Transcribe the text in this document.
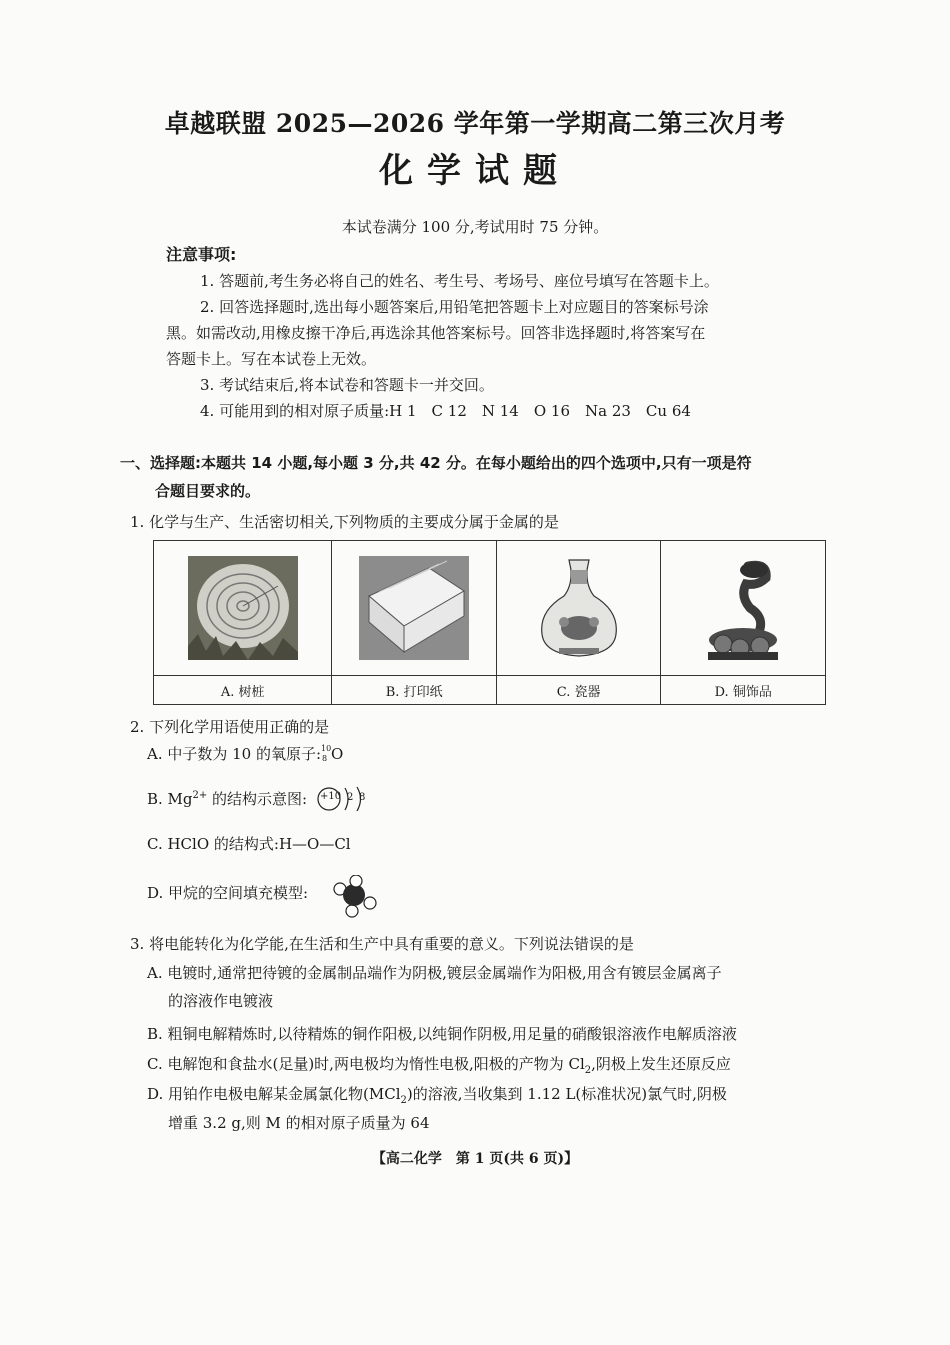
卓越联盟 2025—2026 学年第一学期高二第三次月考
化学试题
本试卷满分 100 分,考试用时 75 分钟。
注意事项:
1. 答题前,考生务必将自己的姓名、考生号、考场号、座位号填写在答题卡上。
2. 回答选择题时,选出每小题答案后,用铅笔把答题卡上对应题目的答案标号涂
黑。如需改动,用橡皮擦干净后,再选涂其他答案标号。回答非选择题时,将答案写在
答题卡上。写在本试卷上无效。
3. 考试结束后,将本试卷和答题卡一并交回。
4. 可能用到的相对原子质量:H 1　C 12　N 14　O 16　Na 23　Cu 64
一、选择题:本题共 14 小题,每小题 3 分,共 42 分。在每小题给出的四个选项中,只有一项是符
合题目要求的。
1. 化学与生产、生活密切相关,下列物质的主要成分属于金属的是

A. 树桩	B. 打印纸	C. 瓷器	D. 铜饰品
2. 下列化学用语使用正确的是
A. 中子数为 10 的氧原子: 10
8 O
B. $Mg^{2+}$ 的结构示意图: +10 2 8
C. HClO 的结构式:H—O—Cl
D. 甲烷的空间填充模型:
3. 将电能转化为化学能,在生活和生产中具有重要的意义。下列说法错误的是
A. 电镀时,通常把待镀的金属制品端作为阴极,镀层金属端作为阳极,用含有镀层金属离子
的溶液作电镀液
B. 粗铜电解精炼时,以待精炼的铜作阳极,以纯铜作阴极,用足量的硝酸银溶液作电解质溶液
C. 电解饱和食盐水(足量)时,两电极均为惰性电极,阳极的产物为 $Cl_2$,阴极上发生还原反应
D. 用铂作电极电解某金属氯化物(MCl$_2$)的溶液,当收集到 1.12 L(标准状况)氯气时,阴极
增重 3.2 g,则 M 的相对原子质量为 64
【高二化学　第 1 页(共 6 页)】
